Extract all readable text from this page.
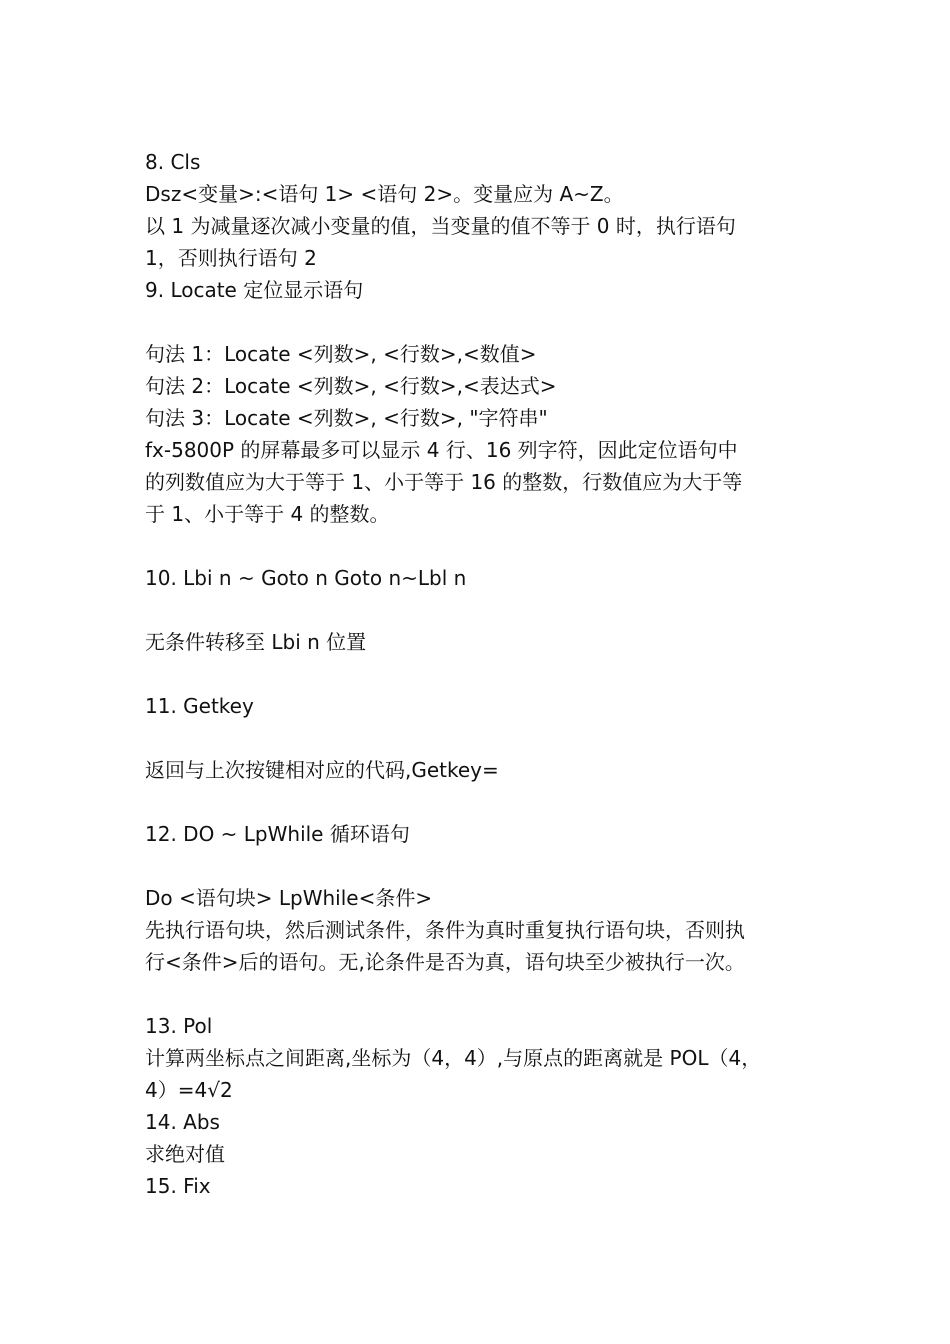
8. Cls

Dsz<变量>:<语句 1> <语句 2>。变量应为 A~Z。

以 1 为减量逐次减小变量的值，当变量的值不等于 0 时，执行语句

1，否则执行语句 2

9. Locate 定位显示语句

句法 1：Locate <列数>, <行数>,<数值>

句法 2：Locate <列数>, <行数>,<表达式>

句法 3：Locate <列数>, <行数>, "字符串"

fx-5800P 的屏幕最多可以显示 4 行、16 列字符，因此定位语句中

的列数值应为大于等于 1、小于等于 16 的整数，行数值应为大于等

于 1、小于等于 4 的整数。

10. Lbi n ~ Goto n Goto n~Lbl n

无条件转移至 Lbi n 位置

11. Getkey

返回与上次按键相对应的代码,Getkey=

12. DO ~ LpWhile 循环语句

Do <语句块> LpWhile<条件>

先执行语句块，然后测试条件，条件为真时重复执行语句块，否则执

行<条件>后的语句。无,论条件是否为真，语句块至少被执行一次。

13. Pol

计算两坐标点之间距离,坐标为（4，4）,与原点的距离就是 POL（4，

4）=4√2

14. Abs

求绝对值

15. Fix
